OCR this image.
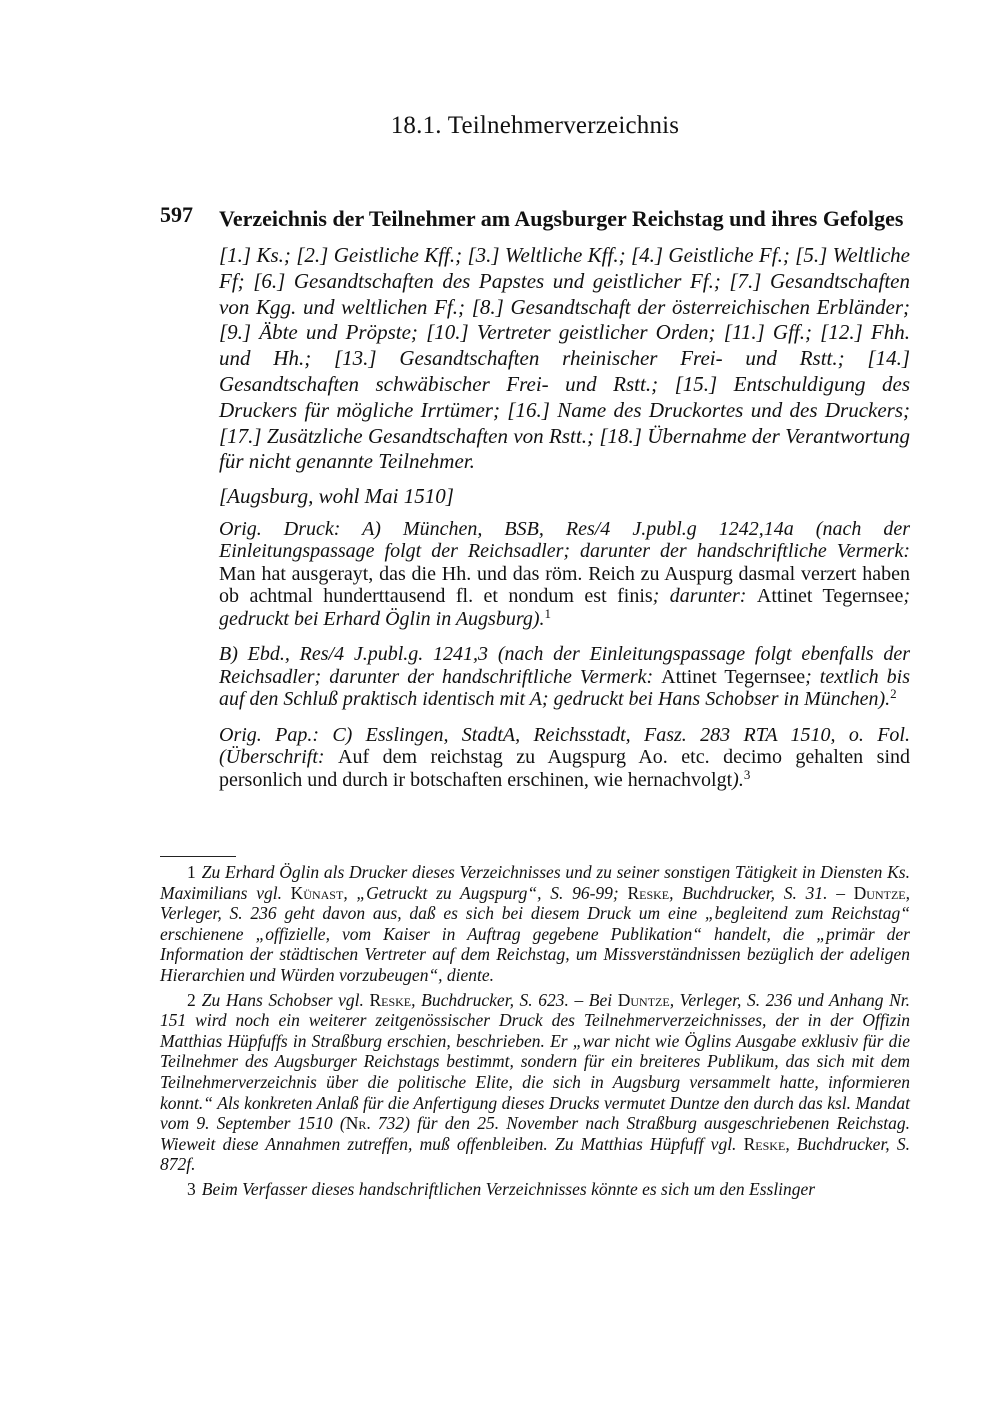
18.1. Teilnehmerverzeichnis
597 Verzeichnis der Teilnehmer am Augsburger Reichstag und ihres Gefolges
[1.] Ks.; [2.] Geistliche Kff.; [3.] Weltliche Kff.; [4.] Geistliche Ff.; [5.] Weltliche Ff; [6.] Gesandtschaften des Papstes und geistlicher Ff.; [7.] Gesandtschaften von Kgg. und weltlichen Ff.; [8.] Gesandtschaft der österreichischen Erbländer; [9.] Äbte und Pröpste; [10.] Vertreter geistlicher Orden; [11.] Gff.; [12.] Fhh. und Hh.; [13.] Gesandtschaften rheinischer Frei- und Rstt.; [14.] Gesandtschaften schwäbischer Frei- und Rstt.; [15.] Entschuldigung des Druckers für mögliche Irrtümer; [16.] Name des Druckortes und des Druckers; [17.] Zusätzliche Gesandtschaften von Rstt.; [18.] Übernahme der Verantwortung für nicht genannte Teilnehmer.
[Augsburg, wohl Mai 1510]
Orig. Druck: A) München, BSB, Res/4 J.publ.g 1242,14a (nach der Einleitungspassage folgt der Reichsadler; darunter der handschriftliche Vermerk: Man hat ausgerayt, das die Hh. und das röm. Reich zu Auspurg dasmal verzert haben ob achtmal hunderttausend fl. et nondum est finis; darunter: Attinet Tegernsee; gedruckt bei Erhard Öglin in Augsburg).$^1$
B) Ebd., Res/4 J.publ.g. 1241,3 (nach der Einleitungspassage folgt ebenfalls der Reichsadler; darunter der handschriftliche Vermerk: Attinet Tegernsee; textlich bis auf den Schluß praktisch identisch mit A; gedruckt bei Hans Schobser in München).$^2$
Orig. Pap.: C) Esslingen, StadtA, Reichsstadt, Fasz. 283 RTA 1510, o. Fol. (Überschrift: Auf dem reichstag zu Augspurg Ao. etc. decimo gehalten sind personlich und durch ir botschaften erschinen, wie hernachvolgt).$^3$
1 Zu Erhard Öglin als Drucker dieses Verzeichnisses und zu seiner sonstigen Tätigkeit in Diensten Ks. Maximilians vgl. Künast, „Getruckt zu Augspurg“, S. 96-99; Reske, Buchdrucker, S. 31. – Duntze, Verleger, S. 236 geht davon aus, daß es sich bei diesem Druck um eine „begleitend zum Reichstag“ erschienene „offizielle, vom Kaiser in Auftrag gegebene Publikation“ handelt, die „primär der Information der städtischen Vertreter auf dem Reichstag, um Missverständnissen bezüglich der adeligen Hierarchien und Würden vorzubeugen“, diente.
2 Zu Hans Schobser vgl. Reske, Buchdrucker, S. 623. – Bei Duntze, Verleger, S. 236 und Anhang Nr. 151 wird noch ein weiterer zeitgenössischer Druck des Teilnehmerverzeichnisses, der in der Offizin Matthias Hüpfuffs in Straßburg erschien, beschrieben. Er „war nicht wie Öglins Ausgabe exklusiv für die Teilnehmer des Augsburger Reichstags bestimmt, sondern für ein breiteres Publikum, das sich mit dem Teilnehmerverzeichnis über die politische Elite, die sich in Augsburg versammelt hatte, informieren konnt.“ Als konkreten Anlaß für die Anfertigung dieses Drucks vermutet Duntze den durch das ksl. Mandat vom 9. September 1510 (Nr. 732) für den 25. November nach Straßburg ausgeschriebenen Reichstag. Wieweit diese Annahmen zutreffen, muß offenbleiben. Zu Matthias Hüpfuff vgl. Reske, Buchdrucker, S. 872f.
3 Beim Verfasser dieses handschriftlichen Verzeichnisses könnte es sich um den Esslinger
